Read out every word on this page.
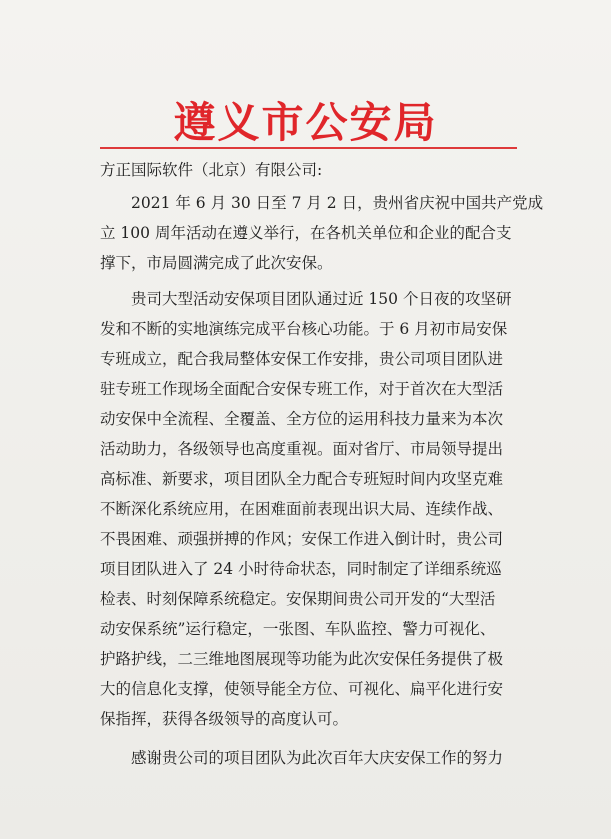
遵义市公安局
方正国际软件（北京）有限公司:
2021 年 6 月 30 日至 7 月 2 日，贵州省庆祝中国共产党成
立 100 周年活动在遵义举行，在各机关单位和企业的配合支
撑下，市局圆满完成了此次安保。
贵司大型活动安保项目团队通过近 150 个日夜的攻坚研
发和不断的实地演练完成平台核心功能。于 6 月初市局安保
专班成立，配合我局整体安保工作安排，贵公司项目团队进
驻专班工作现场全面配合安保专班工作，对于首次在大型活
动安保中全流程、全覆盖、全方位的运用科技力量来为本次
活动助力，各级领导也高度重视。面对省厅、市局领导提出
高标准、新要求，项目团队全力配合专班短时间内攻坚克难
不断深化系统应用，在困难面前表现出识大局、连续作战、
不畏困难、顽强拼搏的作风；安保工作进入倒计时，贵公司
项目团队进入了 24 小时待命状态，同时制定了详细系统巡
检表、时刻保障系统稳定。安保期间贵公司开发的“大型活
动安保系统”运行稳定，一张图、车队监控、警力可视化、
护路护线，二三维地图展现等功能为此次安保任务提供了极
大的信息化支撑，使领导能全方位、可视化、扁平化进行安
保指挥，获得各级领导的高度认可。
感谢贵公司的项目团队为此次百年大庆安保工作的努力
